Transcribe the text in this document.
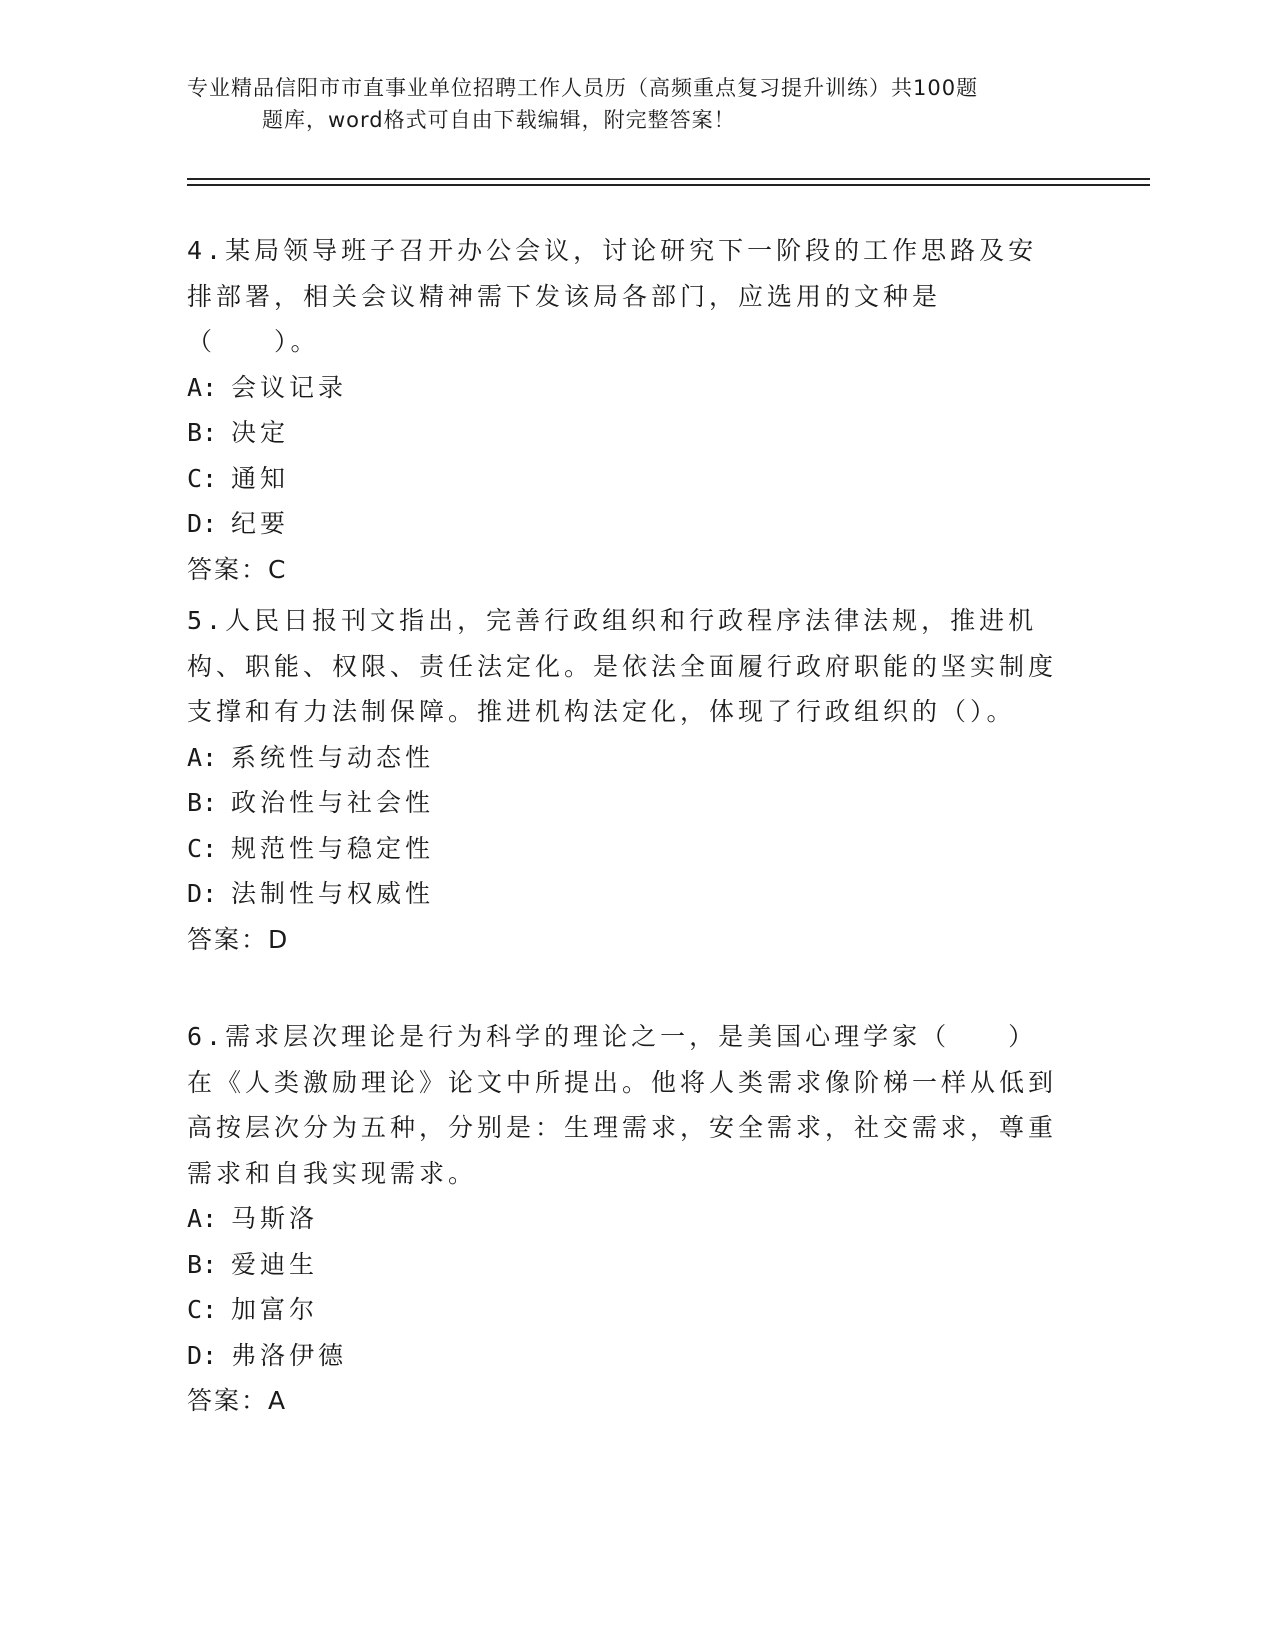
专业精品信阳市市直事业单位招聘工作人员历（高频重点复习提升训练）共100题
题库，word格式可自由下载编辑，附完整答案！

4.某局领导班子召开办公会议，讨论研究下一阶段的工作思路及安排部署，相关会议精神需下发该局各部门，应选用的文种是（　　）。

A: 会议记录

B: 决定

C: 通知

D: 纪要

答案：C

5.人民日报刊文指出，完善行政组织和行政程序法律法规，推进机构、职能、权限、责任法定化。是依法全面履行政府职能的坚实制度支撑和有力法制保障。推进机构法定化，体现了行政组织的（）。

A: 系统性与动态性

B: 政治性与社会性

C: 规范性与稳定性

D: 法制性与权威性

答案：D

6.需求层次理论是行为科学的理论之一，是美国心理学家（　　）在《人类激励理论》论文中所提出。他将人类需求像阶梯一样从低到高按层次分为五种，分别是：生理需求，安全需求，社交需求，尊重需求和自我实现需求。

A: 马斯洛

B: 爱迪生

C: 加富尔

D: 弗洛伊德

答案：A
